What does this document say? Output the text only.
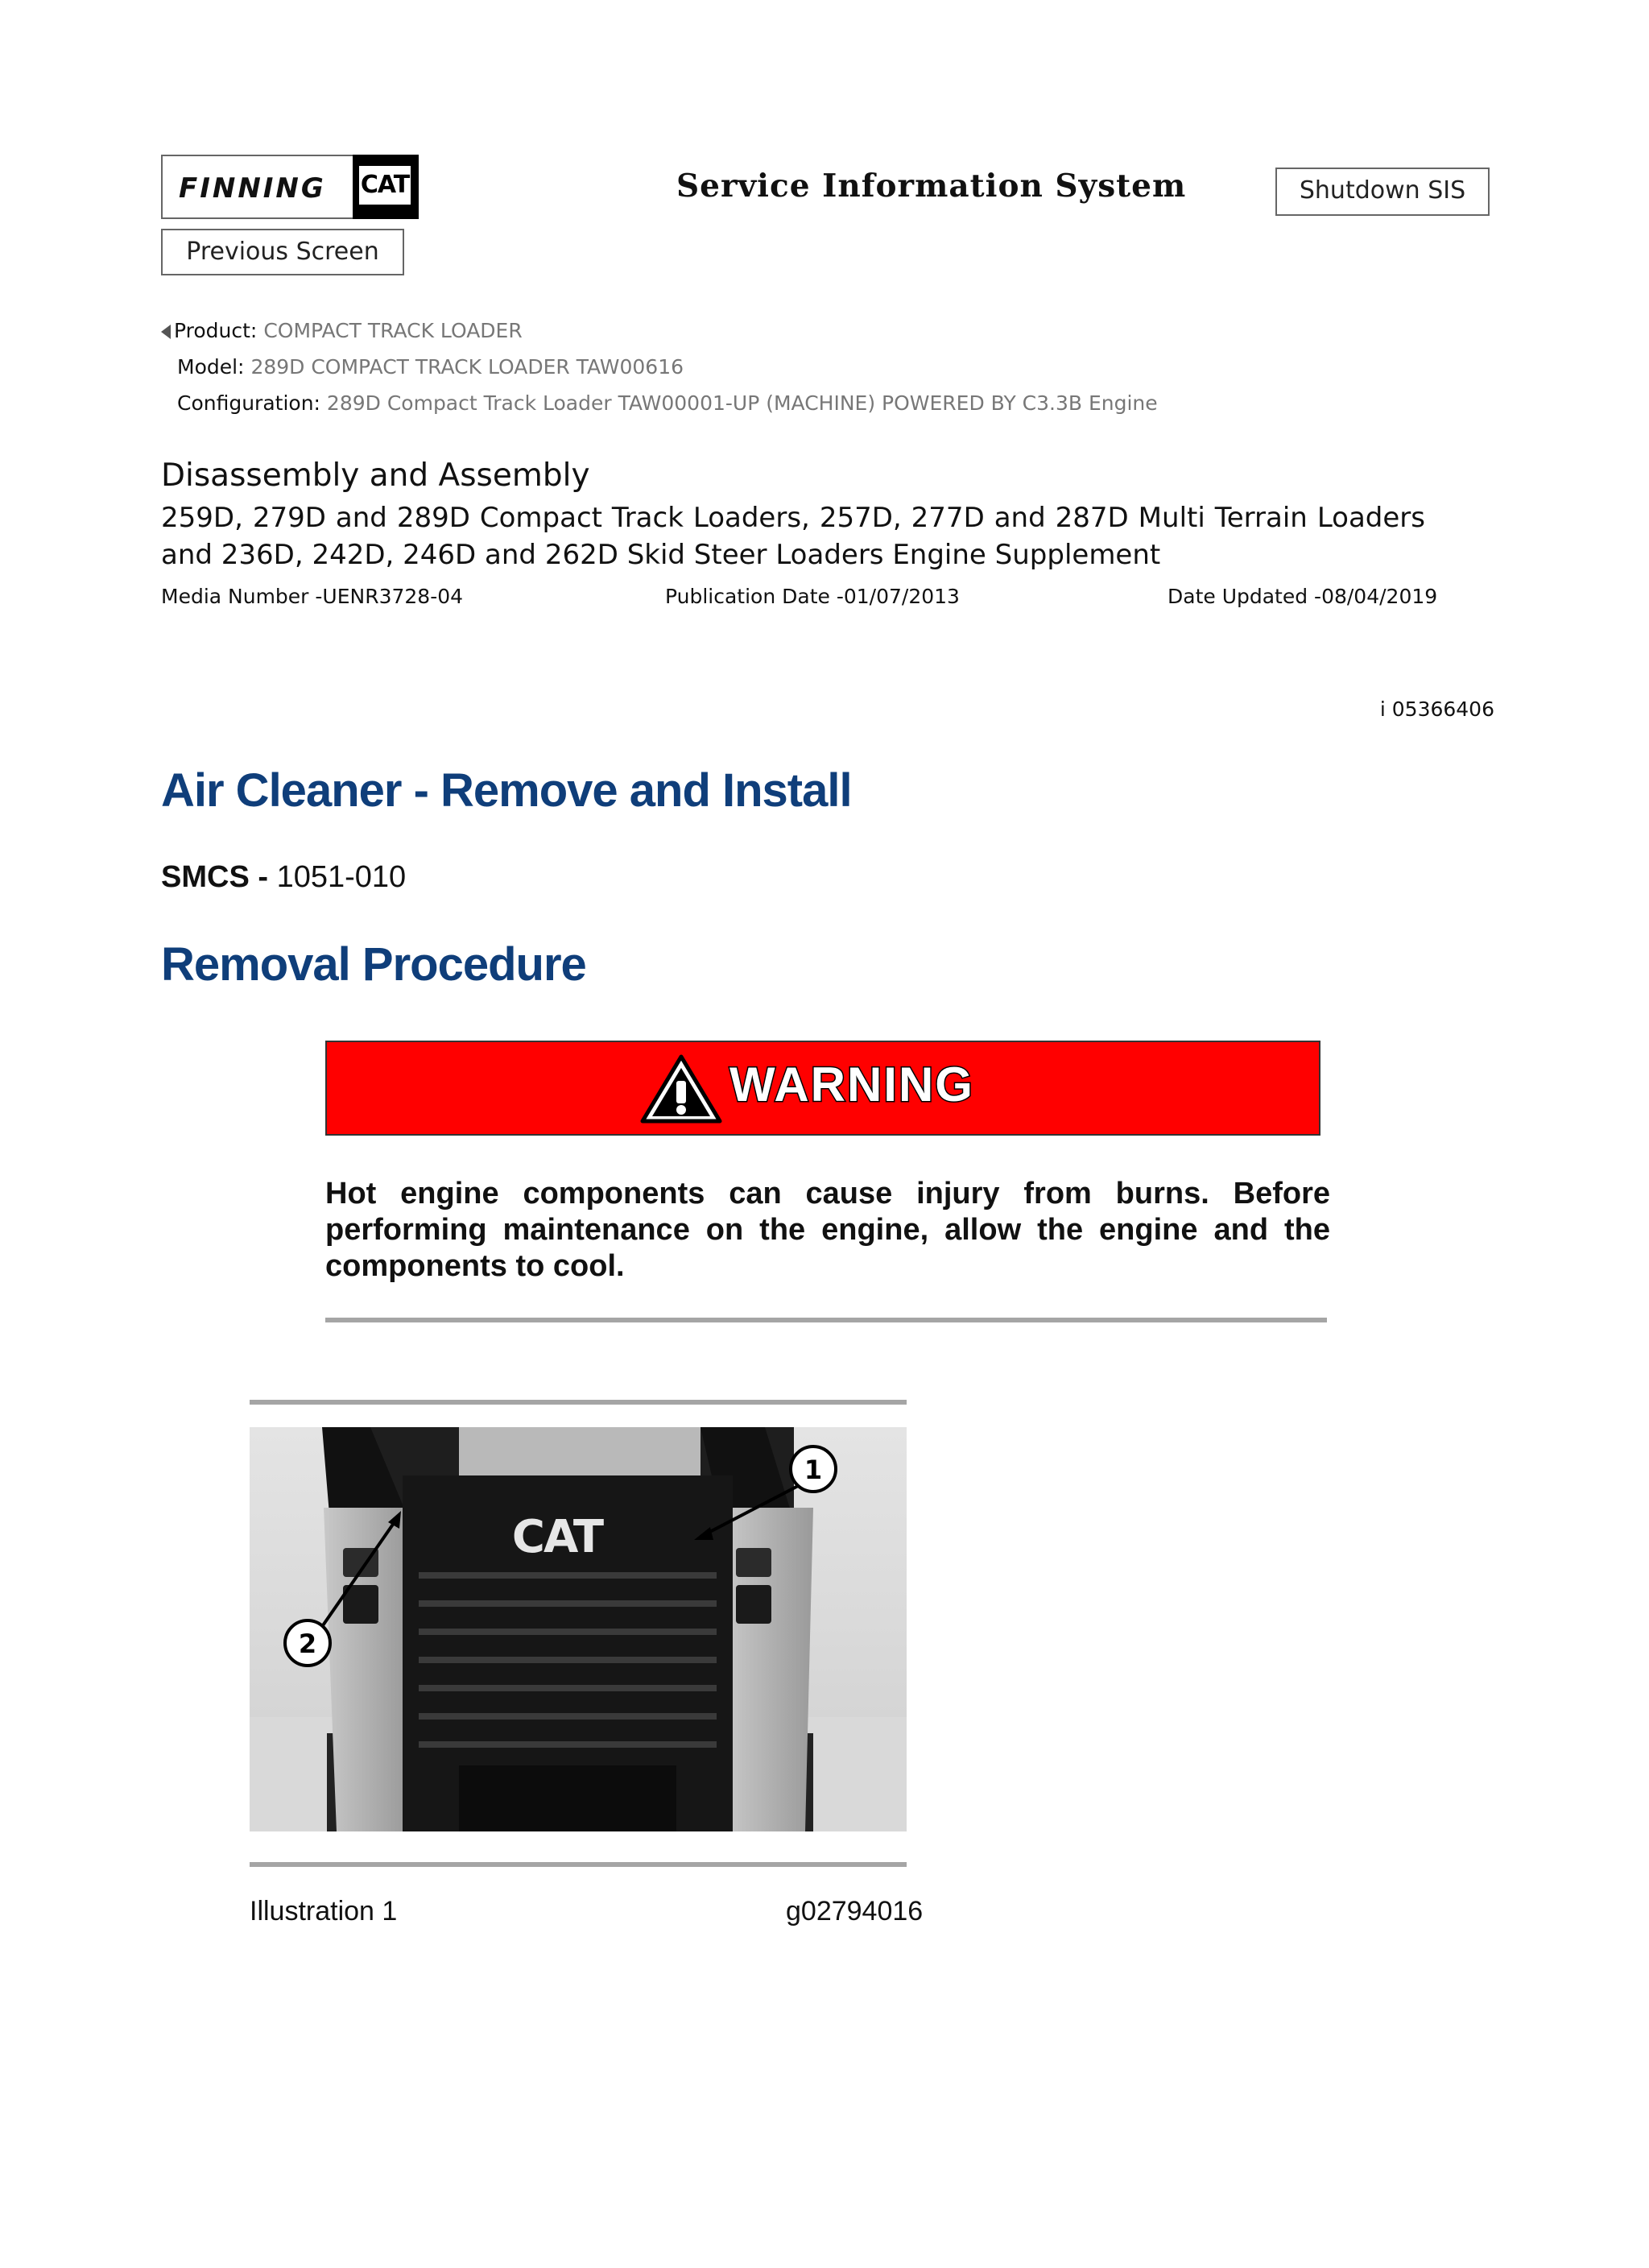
FINNING CAT
Previous Screen
Service Information System	Shutdown SIS
Product: COMPACT TRACK LOADER
Model: 289D COMPACT TRACK LOADER TAW00616
Configuration: 289D Compact Track Loader TAW00001-UP (MACHINE) POWERED BY C3.3B Engine
Disassembly and Assembly
259D, 279D and 289D Compact Track Loaders, 257D, 277D and 287D Multi Terrain Loaders and 236D, 242D, 246D and 262D Skid Steer Loaders Engine Supplement
Media Number -UENR3728-04	Publication Date -01/07/2013	Date Updated -08/04/2019
i 05366406
Air Cleaner - Remove and Install
SMCS - 1051-010
Removal Procedure
WARNING
Hot engine components can cause injury from burns. Before performing maintenance on the engine, allow the engine and the components to cool.
CAT
1
2
Illustration 1	g02794016
